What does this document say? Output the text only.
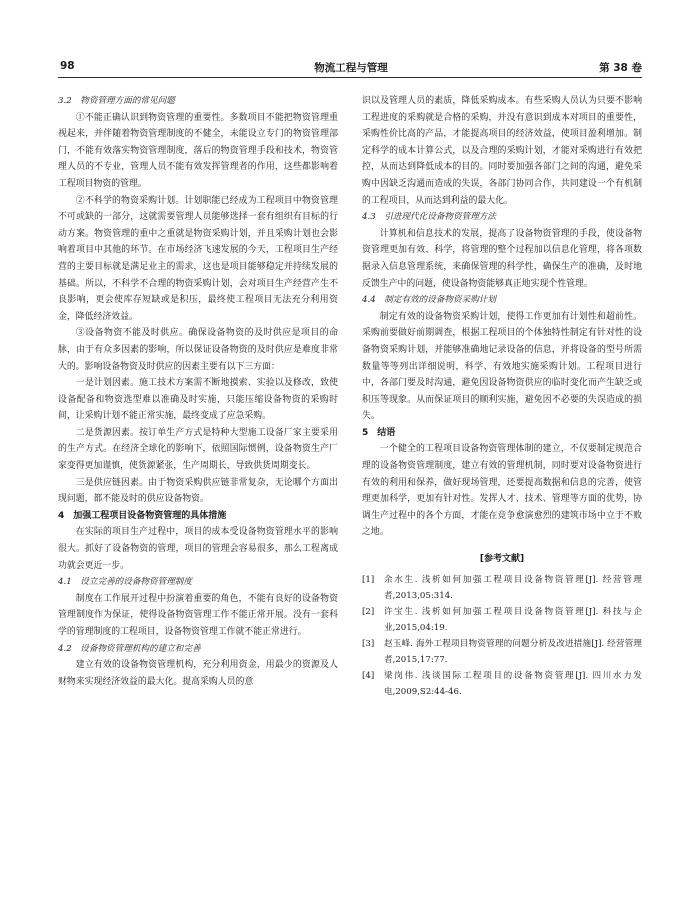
98	物流工程与管理	第 38 卷

3.2　物资管理方面的常见问题

①不能正确认识到物资管理的重要性。多数项目不能把物资管理重视起来，并伴随着物资管理制度的不健全，未能设立专门的物资管理部门，不能有效落实物资管理制度，落后的物资管理手段和技术，物资管理人员的不专业，管理人员不能有效发挥管理者的作用，这些都影响着工程项目物资的管理。

②不科学的物资采购计划。计划职能已经成为工程项目中物资管理不可或缺的一部分，这就需要管理人员能够选择一套有组织有目标的行动方案。物资管理的重中之重就是物资采购计划，并且采购计划也会影响着项目中其他的环节。在市场经济飞速发展的今天，工程项目生产经营的主要目标就是满足业主的需求，这也是项目能够稳定并持续发展的基础。所以，不科学不合理的物资采购计划，会对项目生产经营产生不良影响，更会使库存短缺或是积压，最终使工程项目无法充分利用资金，降低经济效益。

③设备物资不能及时供应。确保设备物资的及时供应是项目的命脉，由于有众多因素的影响，所以保证设备物资的及时供应是难度非常大的。影响设备物资及时供应的因素主要有以下三方面：

一是计划因素。施工技术方案需不断地摸索、实验以及修改，致使设备配备和物资选型难以准确及时实施，只能压缩设备物资的采购时间，让采购计划不能正常实施，最终变成了应急采购。

二是货源因素。按订单生产方式是特种大型施工设备厂家主要采用的生产方式。在经济全球化的影响下，依照国际惯例，设备物资生产厂家变得更加谨慎，使货源紧张，生产周期长，导致供货周期变长。

三是供应链因素。由于物资采购供应链非常复杂，无论哪个方面出现问题，都不能及时的供应设备物资。

4　加强工程项目设备物资管理的具体措施

在实际的项目生产过程中，项目的成本受设备物资管理水平的影响很大。抓好了设备物资的管理，项目的管理会容易很多，那么工程离成功就会更近一步。

4.1　设立完善的设备物资管理制度

制度在工作展开过程中扮演着重要的角色，不能有良好的设备物资管理制度作为保证，使得设备物资管理工作不能正常开展。没有一套科学的管理制度的工程项目，设备物资管理工作就不能正常进行。

4.2　设备物资管理机构的建立和完善

建立有效的设备物资管理机构，充分利用资金，用最少的资源及人财物来实现经济效益的最大化。提高采购人员的意

识以及管理人员的素质，降低采购成本。有些采购人员认为只要不影响工程进度的采购就是合格的采购，并没有意识到成本对项目的重要性，采购性价比高的产品，才能提高项目的经济效益，使项目盈利增加。制定科学的成本计算公式，以及合理的采购计划，才能对采购进行有效把控，从而达到降低成本的目的。同时要加强各部门之间的沟通，避免采购中因缺乏沟通而造成的失误，各部门协同合作，共同建设一个有机制的工程项目，从而达到利益的最大化。

4.3　引进现代化设备物资管理方法

计算机和信息技术的发展，提高了设备物资管理的手段，使设备物资管理更加有效、科学，将管理的整个过程加以信息化管理，将各项数据录入信息管理系统，来确保管理的科学性，确保生产的准确，及时地反馈生产中的问题，使设备物资能够真正地实现个性管理。

4.4　制定有效的设备物资采购计划

制定有效的设备物资采购计划，使得工作更加有计划性和超前性。采购前要做好前期调查，根据工程项目的个体独特性制定有针对性的设备物资采购计划，并能够准确地记录设备的信息，并将设备的型号所需数量等等列出详细说明，科学、有效地实施采购计划。工程项目进行中，各部门要及时沟通，避免因设备物资供应的临时变化而产生缺乏或积压等现象。从而保证项目的顺利实施，避免因不必要的失误造成的损失。

5　结语

一个健全的工程项目设备物资管理体制的建立，不仅要制定规范合理的设备物资管理制度，建立有效的管理机制，同时要对设备物资进行有效的利用和保养，做好现场管理，还要提高数据和信息的完善，使管理更加科学，更加有针对性。发挥人才、技术、管理等方面的优势，协调生产过程中的各个方面，才能在竞争愈演愈烈的建筑市场中立于不败之地。

[参考文献]
[1]	余水生. 浅析如何加强工程项目设备物资管理[J]. 经营管理者,2013,05:314.
[2]	许宝生. 浅析如何加强工程项目设备物资管理[J]. 科技与企业,2015,04:19.
[3]	赵玉峰. 海外工程项目物资管理的问题分析及改进措施[J]. 经营管理者,2015,17:77.
[4]	梁岗伟. 浅谈国际工程项目的设备物资管理[J]. 四川水力发电,2009,S2:44-46.
